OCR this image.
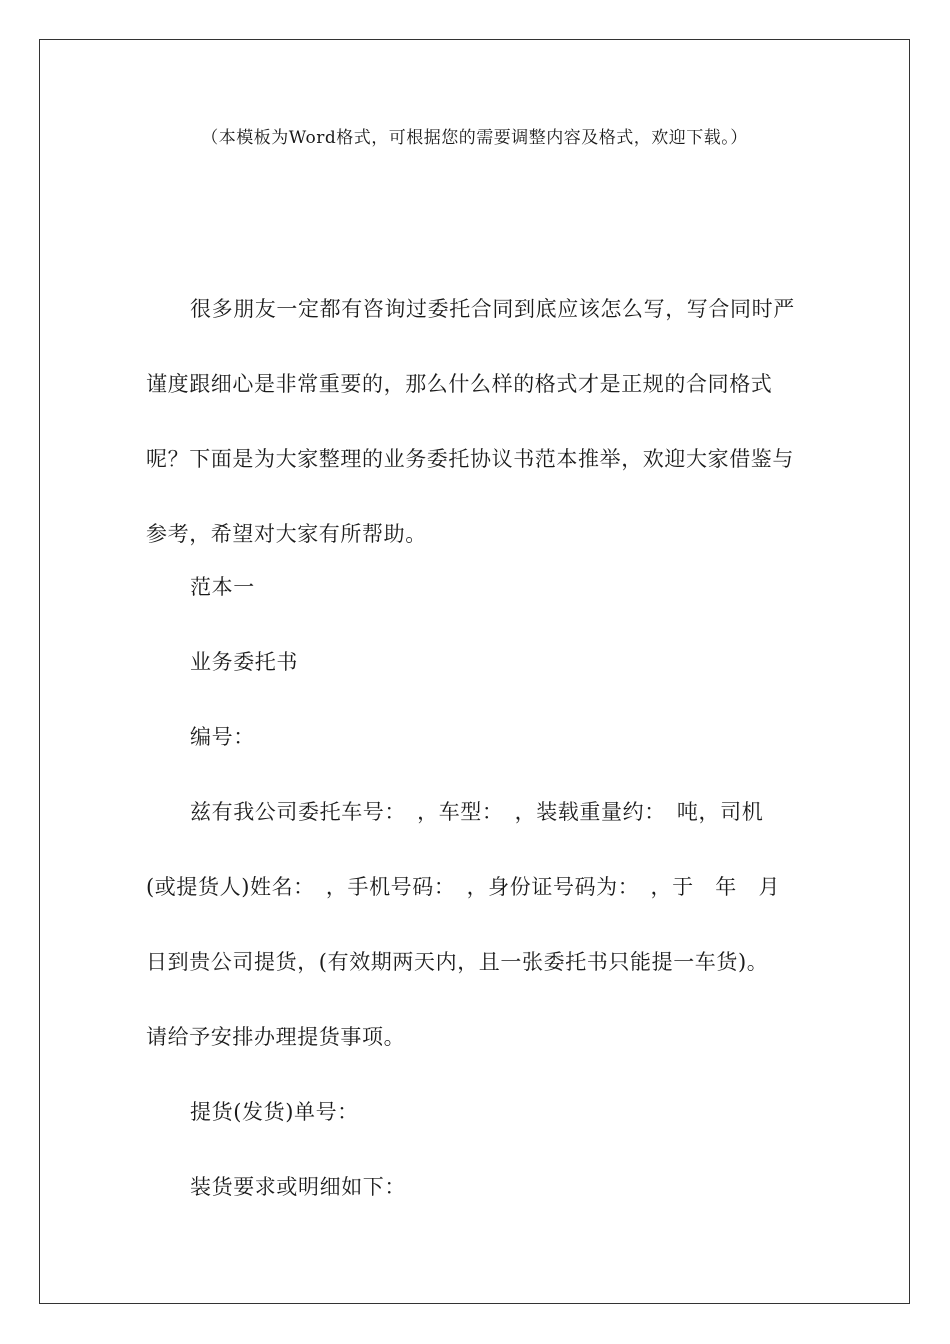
（本模板为Word格式，可根据您的需要调整内容及格式，欢迎下载。）
很多朋友一定都有咨询过委托合同到底应该怎么写，写合同时严谨度跟细心是非常重要的，那么什么样的格式才是正规的合同格式呢？下面是为大家整理的业务委托协议书范本推举，欢迎大家借鉴与参考，希望对大家有所帮助。
范本一
业务委托书
编号：
兹有我公司委托车号：　，车型：　，装载重量约：　吨，司机
(或提货人)姓名：　，手机号码：　，身份证号码为：　，于　年　月
日到贵公司提货，(有效期两天内，且一张委托书只能提一车货)。
请给予安排办理提货事项。
提货(发货)单号：
装货要求或明细如下：
